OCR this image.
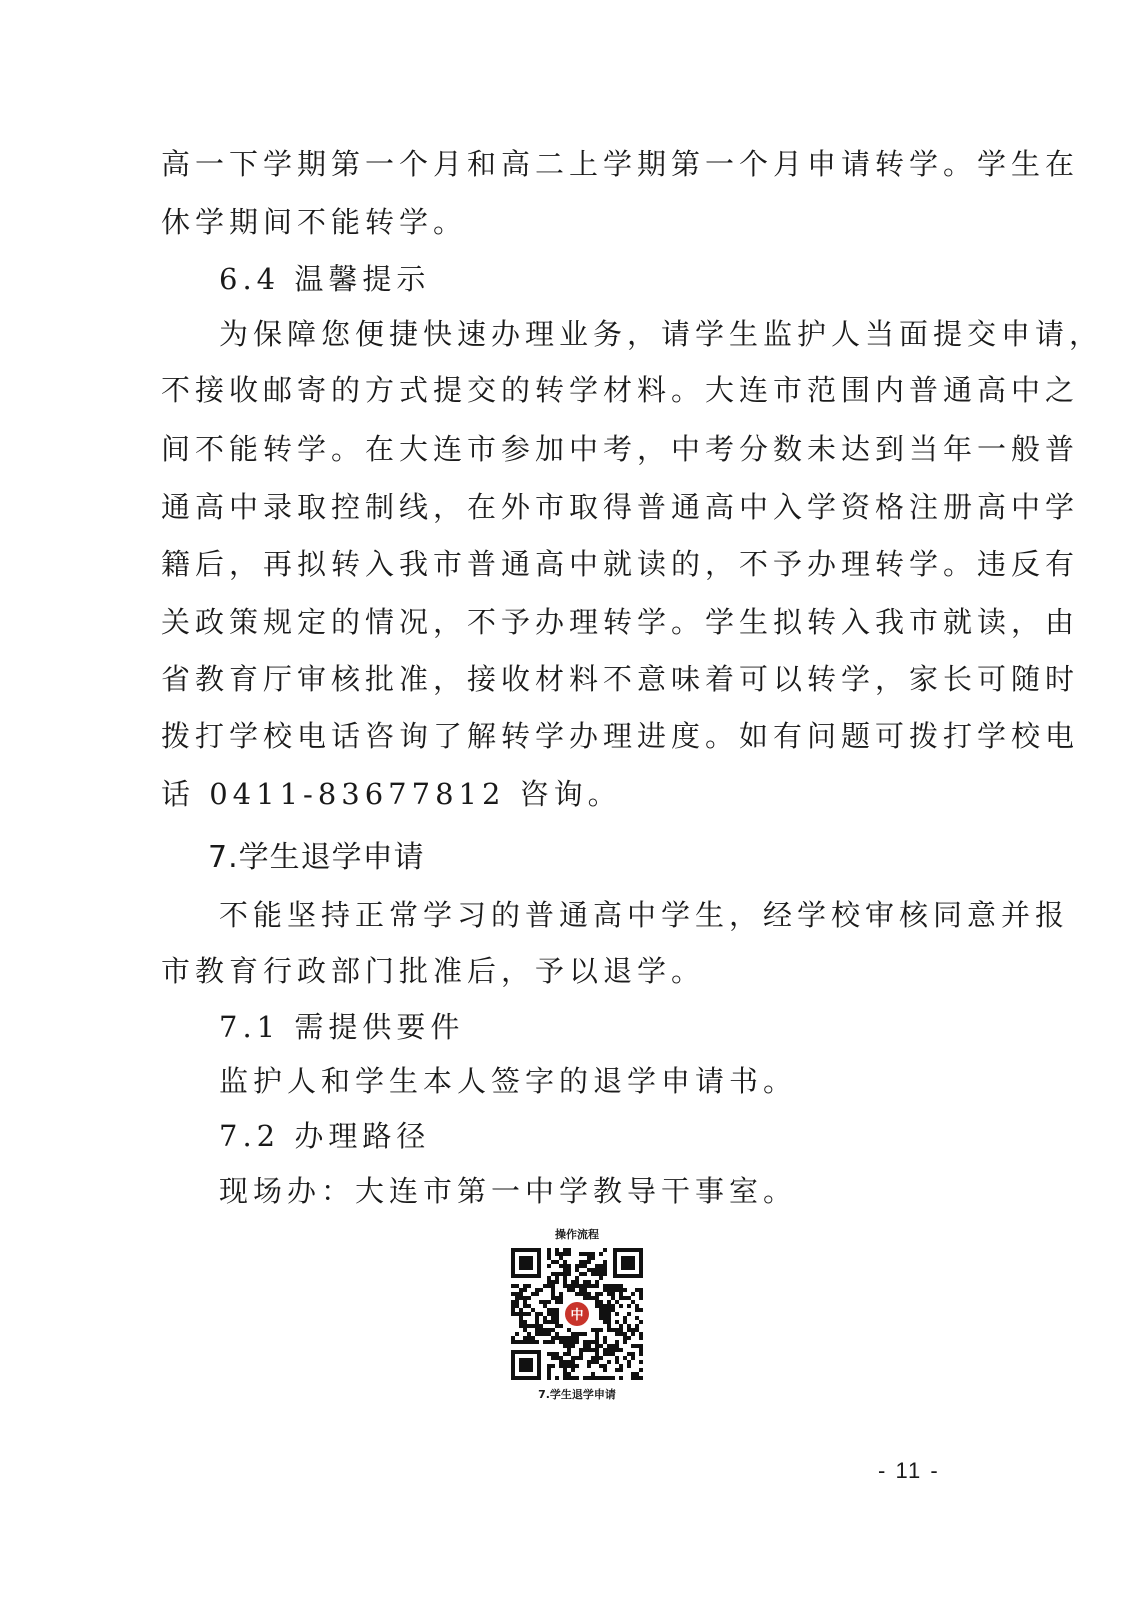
高一下学期第一个月和高二上学期第一个月申请转学。学生在
休学期间不能转学。
6.4 温馨提示
为保障您便捷快速办理业务，请学生监护人当面提交申请，
不接收邮寄的方式提交的转学材料。大连市范围内普通高中之
间不能转学。在大连市参加中考，中考分数未达到当年一般普
通高中录取控制线，在外市取得普通高中入学资格注册高中学
籍后，再拟转入我市普通高中就读的，不予办理转学。违反有
关政策规定的情况，不予办理转学。学生拟转入我市就读，由
省教育厅审核批准，接收材料不意味着可以转学，家长可随时
拨打学校电话咨询了解转学办理进度。如有问题可拨打学校电
话 0411-83677812 咨询。
7.学生退学申请
不能坚持正常学习的普通高中学生，经学校审核同意并报
市教育行政部门批准后，予以退学。
7.1 需提供要件
监护人和学生本人签字的退学申请书。
7.2 办理路径
现场办：大连市第一中学教导干事室。
操作流程
中
7.学生退学申请
- 11 -
